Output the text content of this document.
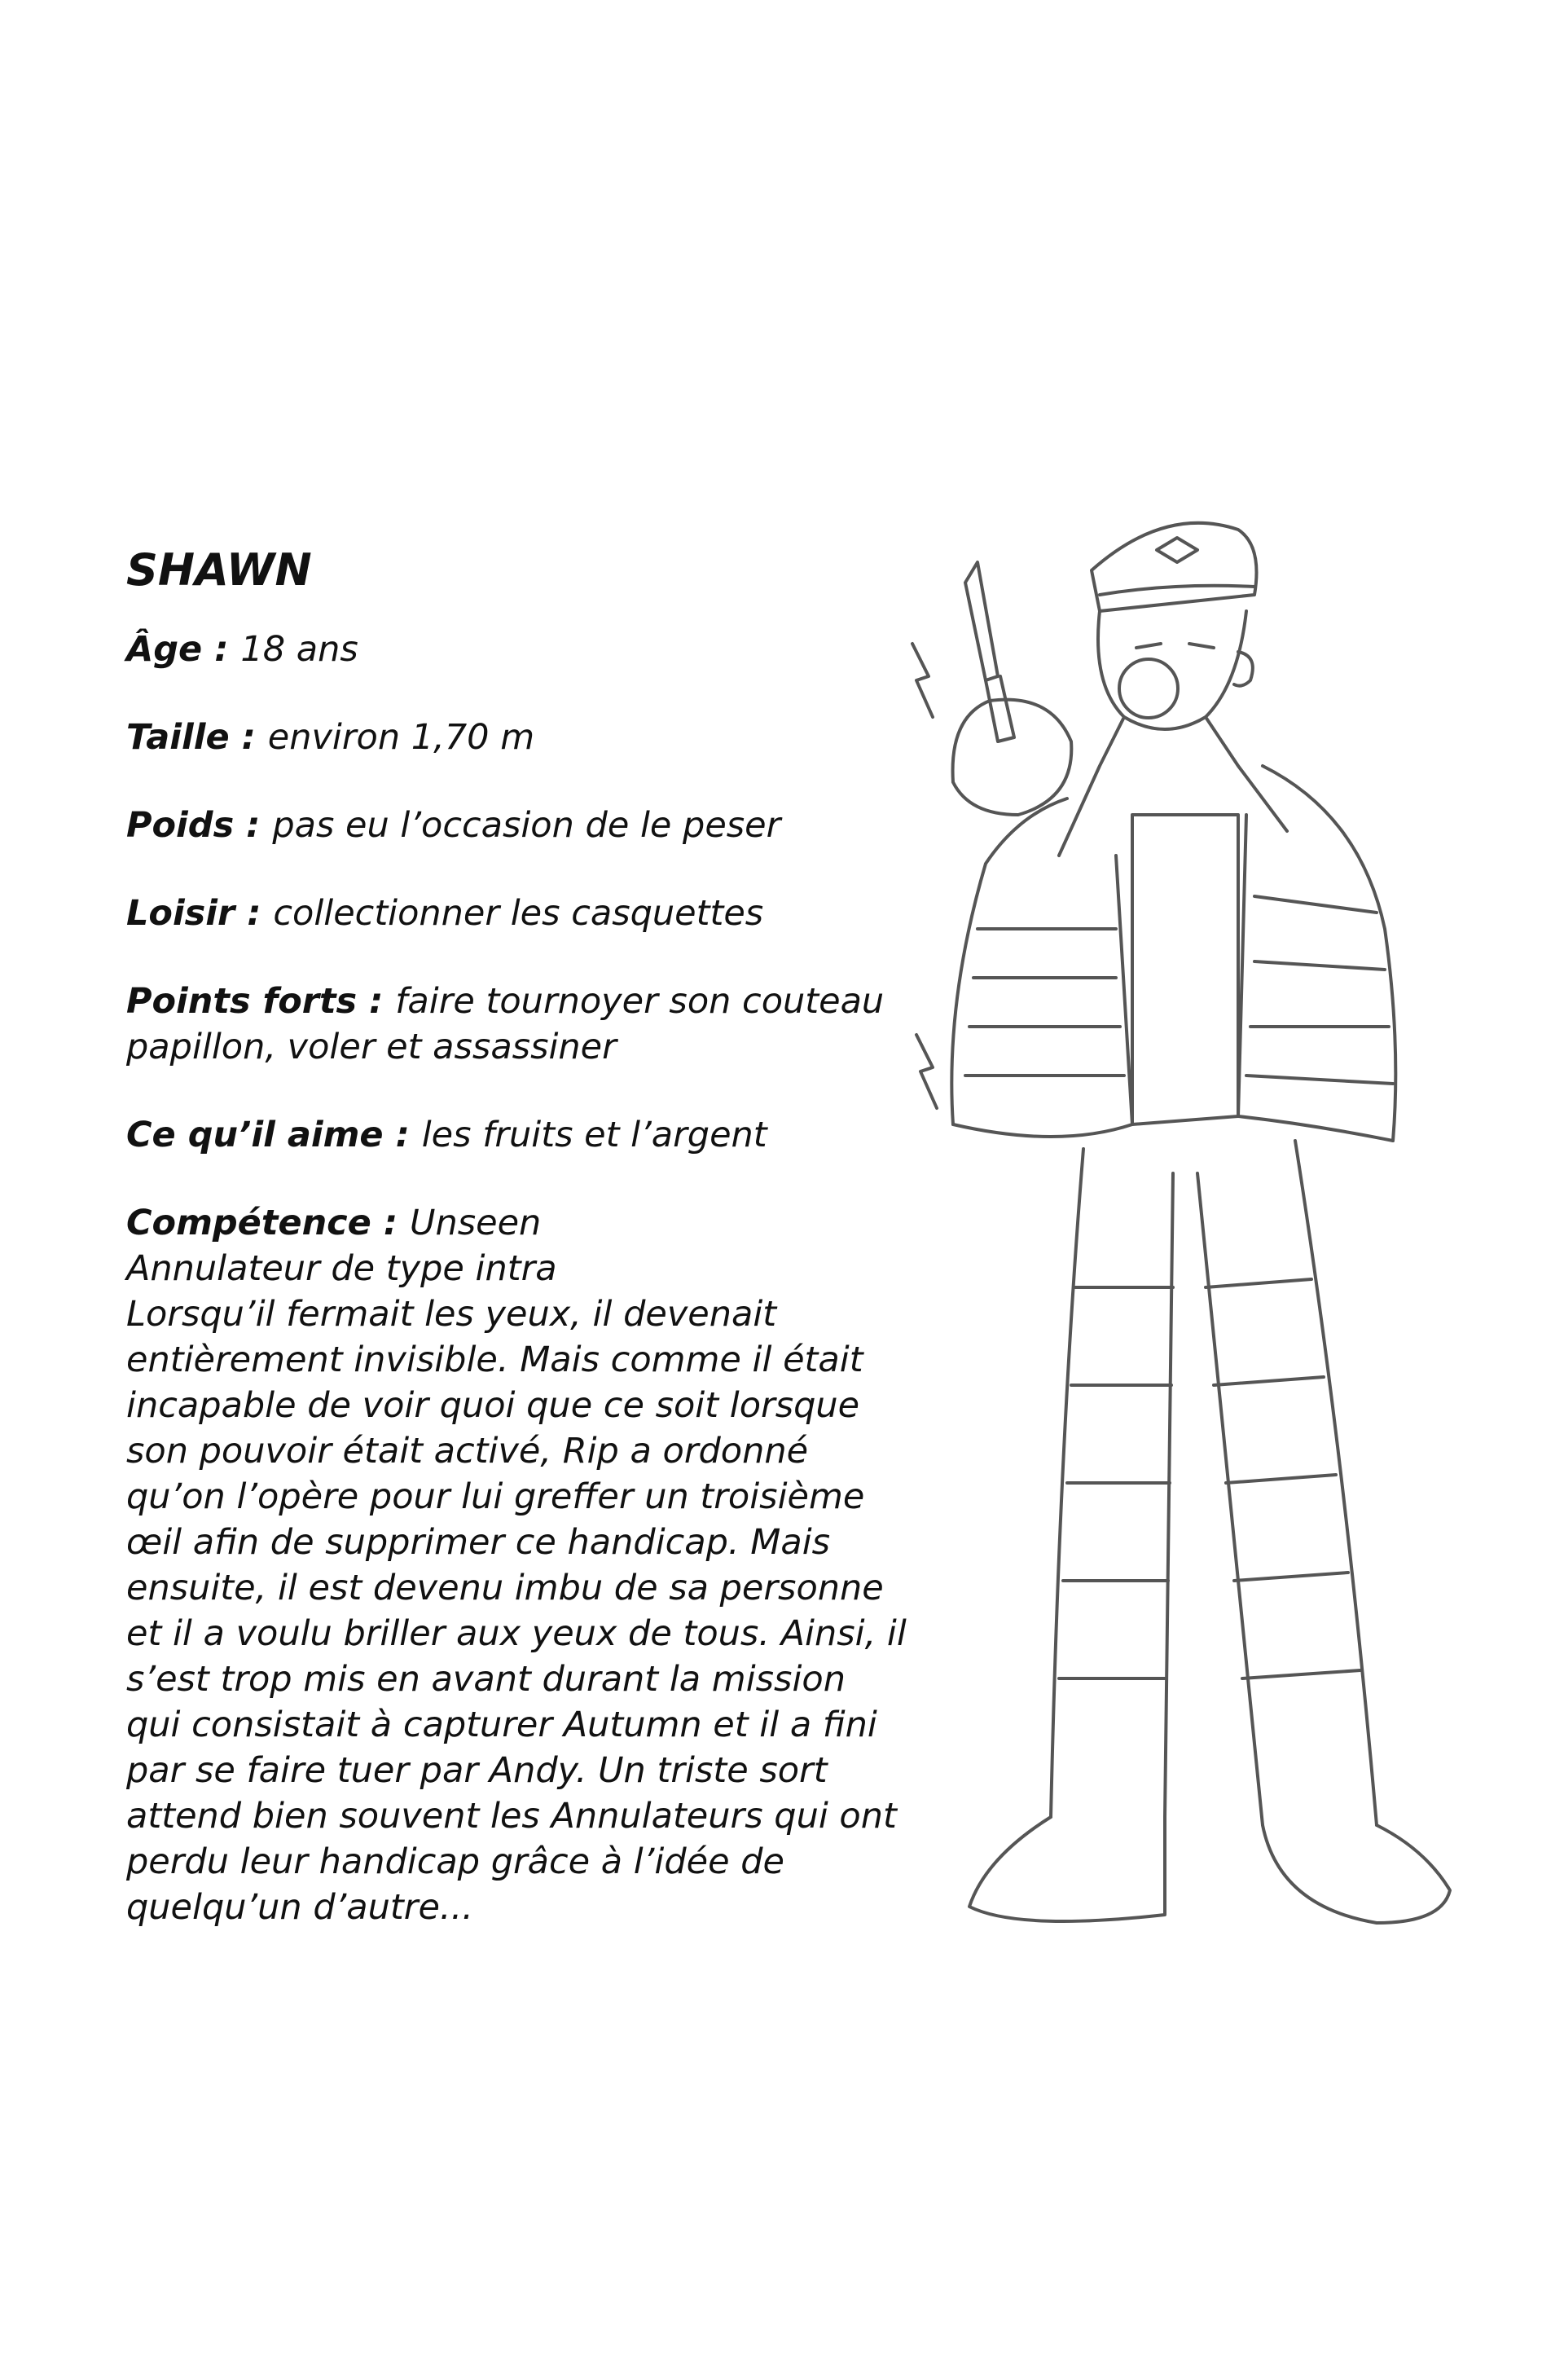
SHAWN
Âge : 18 ans
Taille : environ 1,70 m
Poids : pas eu l’occasion de le peser
Loisir : collectionner les casquettes
Points forts : faire tournoyer son couteau papillon, voler et assassiner
Ce qu’il aime : les fruits et l’argent

Compétence : Unseen

Annulateur de type intra

Lorsqu’il fermait les yeux, il devenait entièrement invisible. Mais comme il était incapable de voir quoi que ce soit lorsque son pouvoir était activé, Rip a ordonné qu’on l’opère pour lui greffer un troisième œil afin de supprimer ce handicap. Mais ensuite, il est devenu imbu de sa personne et il a voulu briller aux yeux de tous. Ainsi, il s’est trop mis en avant durant la mission qui consistait à capturer Autumn et il a fini par se faire tuer par Andy. Un triste sort attend bien souvent les Annulateurs qui ont perdu leur handicap grâce à l’idée de quelqu’un d’autre...
